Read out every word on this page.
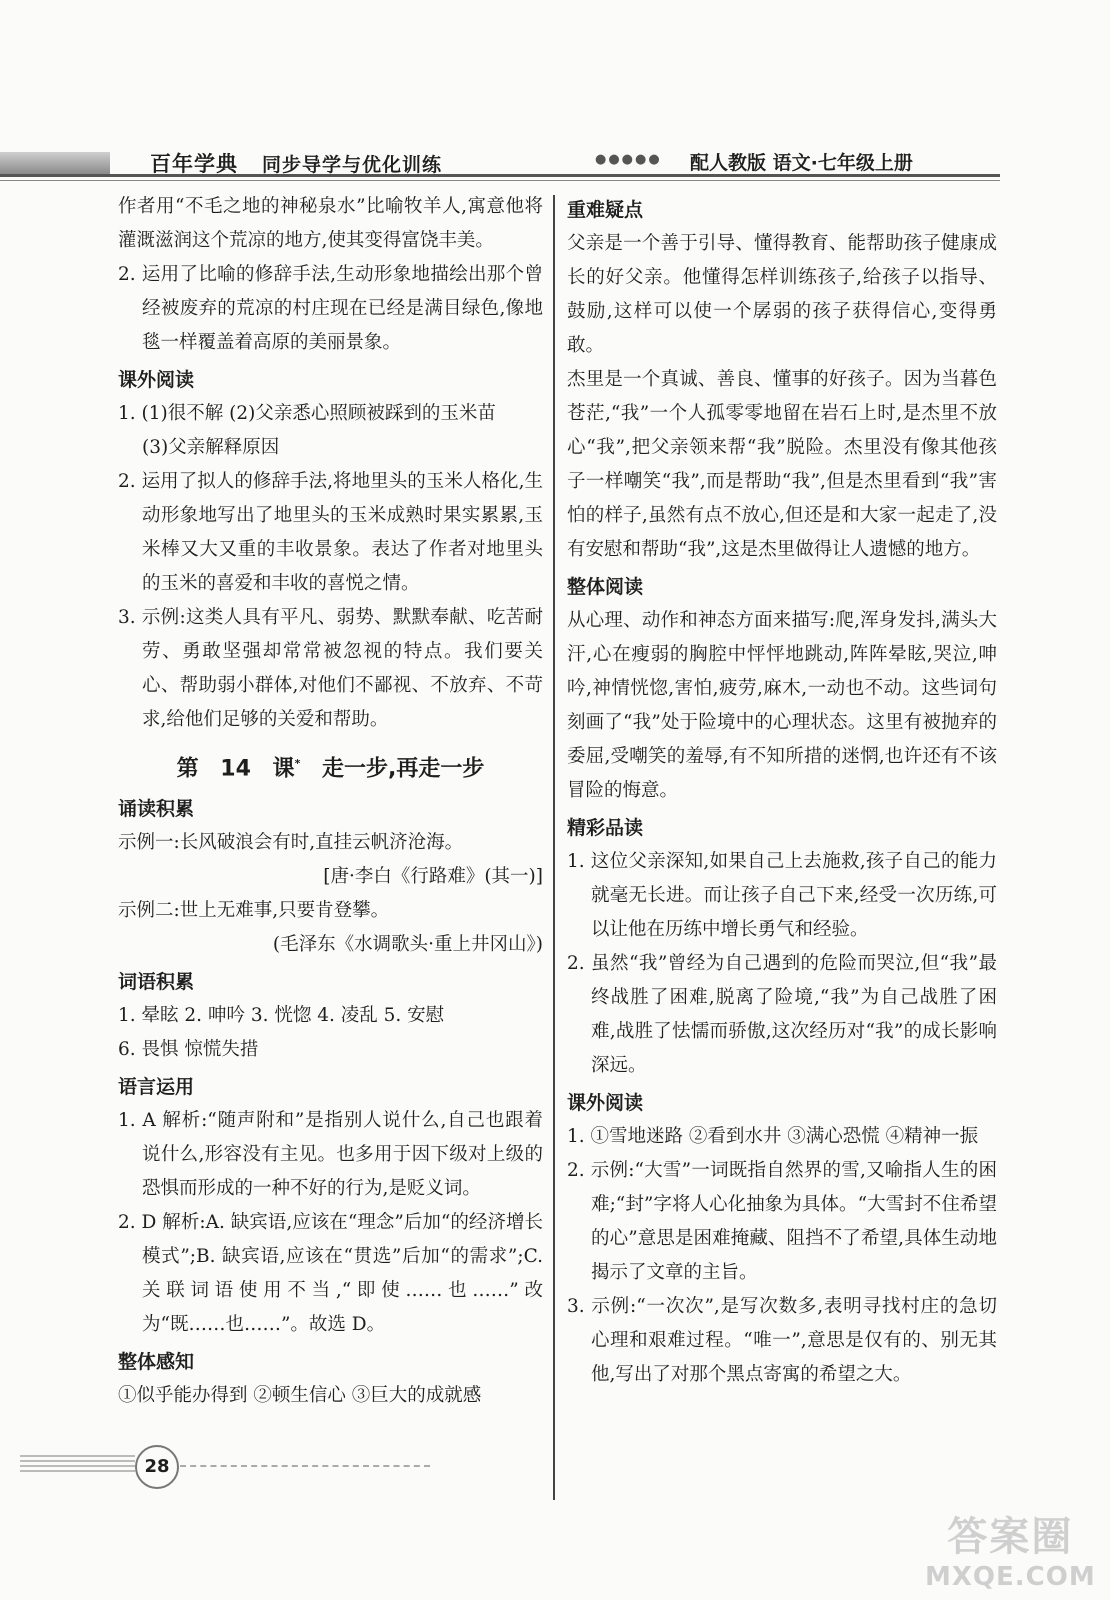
百年学典 同步导学与优化训练	●●●●● 配人教版 语文·七年级上册
作者用“不毛之地的神秘泉水”比喻牧羊人,寓意他将灌溉滋润这个荒凉的地方,使其变得富饶丰美。
2. 运用了比喻的修辞手法,生动形象地描绘出那个曾经被废弃的荒凉的村庄现在已经是满目绿色,像地毯一样覆盖着高原的美丽景象。
课外阅读
1. (1)很不解 (2)父亲悉心照顾被踩到的玉米苗
(3)父亲解释原因
2. 运用了拟人的修辞手法,将地里头的玉米人格化,生动形象地写出了地里头的玉米成熟时果实累累,玉米棒又大又重的丰收景象。表达了作者对地里头的玉米的喜爱和丰收的喜悦之情。
3. 示例:这类人具有平凡、弱势、默默奉献、吃苦耐劳、勇敢坚强却常常被忽视的特点。我们要关心、帮助弱小群体,对他们不鄙视、不放弃、不苛求,给他们足够的关爱和帮助。
第 14 课* 走一步,再走一步
诵读积累
示例一:长风破浪会有时,直挂云帆济沧海。
[唐·李白《行路难》(其一)]
示例二:世上无难事,只要肯登攀。
(毛泽东《水调歌头·重上井冈山》)
词语积累
1. 晕眩 2. 呻吟 3. 恍惚 4. 凌乱 5. 安慰
6. 畏惧 惊慌失措
语言运用
1. A 解析:“随声附和”是指别人说什么,自己也跟着说什么,形容没有主见。也多用于因下级对上级的恐惧而形成的一种不好的行为,是贬义词。
2. D 解析:A. 缺宾语,应该在“理念”后加“的经济增长模式”;B. 缺宾语,应该在“贯选”后加“的需求”;C. 关联词语使用不当,“即使……也……”改为“既……也……”。故选 D。
整体感知
①似乎能办得到 ②顿生信心 ③巨大的成就感
重难疑点
父亲是一个善于引导、懂得教育、能帮助孩子健康成长的好父亲。他懂得怎样训练孩子,给孩子以指导、鼓励,这样可以使一个孱弱的孩子获得信心,变得勇敢。
杰里是一个真诚、善良、懂事的好孩子。因为当暮色苍茫,“我”一个人孤零零地留在岩石上时,是杰里不放心“我”,把父亲领来帮“我”脱险。杰里没有像其他孩子一样嘲笑“我”,而是帮助“我”,但是杰里看到“我”害怕的样子,虽然有点不放心,但还是和大家一起走了,没有安慰和帮助“我”,这是杰里做得让人遗憾的地方。
整体阅读
从心理、动作和神态方面来描写:爬,浑身发抖,满头大汗,心在瘦弱的胸腔中怦怦地跳动,阵阵晕眩,哭泣,呻吟,神情恍惚,害怕,疲劳,麻木,一动也不动。这些词句刻画了“我”处于险境中的心理状态。这里有被抛弃的委屈,受嘲笑的羞辱,有不知所措的迷惘,也许还有不该冒险的悔意。
精彩品读
1. 这位父亲深知,如果自己上去施救,孩子自己的能力就毫无长进。而让孩子自己下来,经受一次历练,可以让他在历练中增长勇气和经验。
2. 虽然“我”曾经为自己遇到的危险而哭泣,但“我”最终战胜了困难,脱离了险境,“我”为自己战胜了困难,战胜了怯懦而骄傲,这次经历对“我”的成长影响深远。
课外阅读
1. ①雪地迷路 ②看到水井 ③满心恐慌 ④精神一振
2. 示例:“大雪”一词既指自然界的雪,又喻指人生的困难;“封”字将人心化抽象为具体。“大雪封不住希望的心”意思是困难掩藏、阻挡不了希望,具体生动地揭示了文章的主旨。
3. 示例:“一次次”,是写次数多,表明寻找村庄的急切心理和艰难过程。“唯一”,意思是仅有的、别无其他,写出了对那个黑点寄寓的希望之大。
28
答案圈
MXQE.COM
